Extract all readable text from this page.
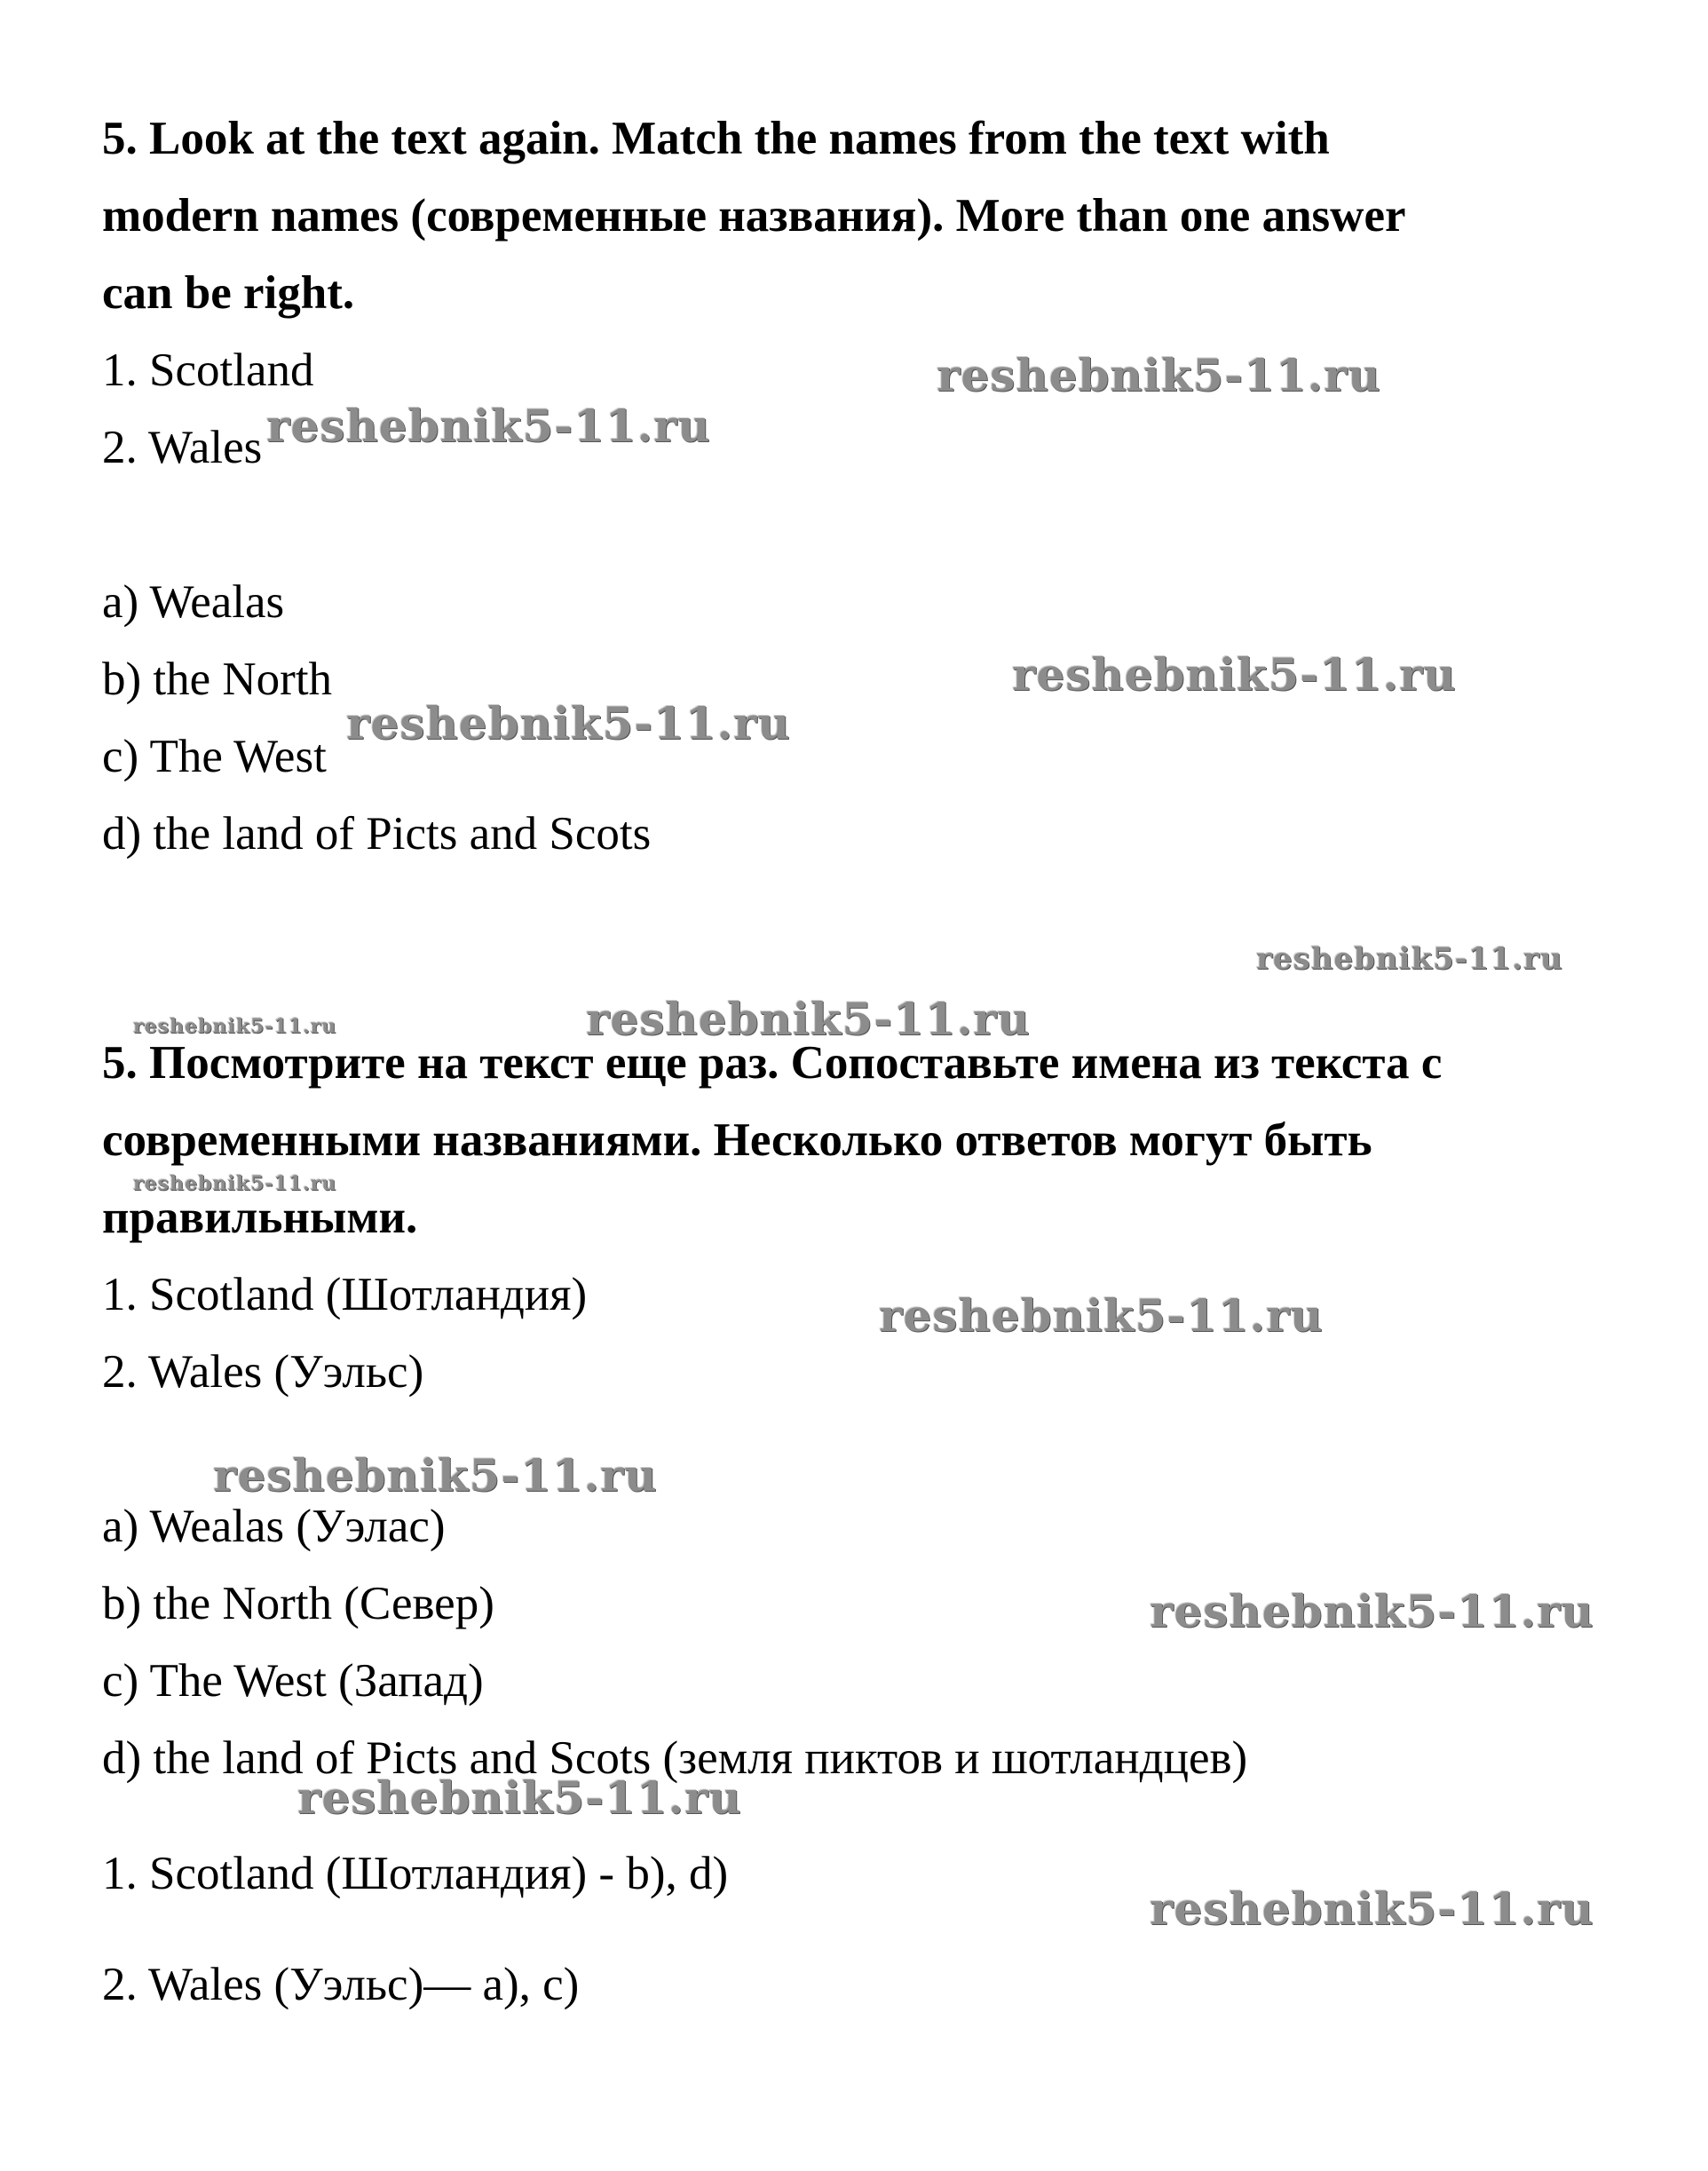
5. Look at the text again. Match the names from the text with
modern names (современные названия). More than one answer
can be right.
1. Scotland
2. Wales
a) Wealas
b) the North
c) The West
d) the land of Picts and Scots
5. Посмотрите на текст еще раз. Сопоставьте имена из текста с
современными названиями. Несколько ответов могут быть
правильными.
1. Scotland (Шотландия)
2. Wales (Уэльс)
a) Wealas (Уэлас)
b) the North (Север)
c) The West (Запад)
d) the land of Picts and Scots (земля пиктов и шотландцев)
1. Scotland (Шотландия) - b), d)
2. Wales (Уэльс)— a), c)
reshebnik5-11.ru
reshebnik5-11.ru
reshebnik5-11.ru
reshebnik5-11.ru
reshebnik5-11.ru
reshebnik5-11.ru	reshebnik5-11.ru
reshebnik5-11.ru
reshebnik5-11.ru
reshebnik5-11.ru
reshebnik5-11.ru
reshebnik5-11.ru
reshebnik5-11.ru
